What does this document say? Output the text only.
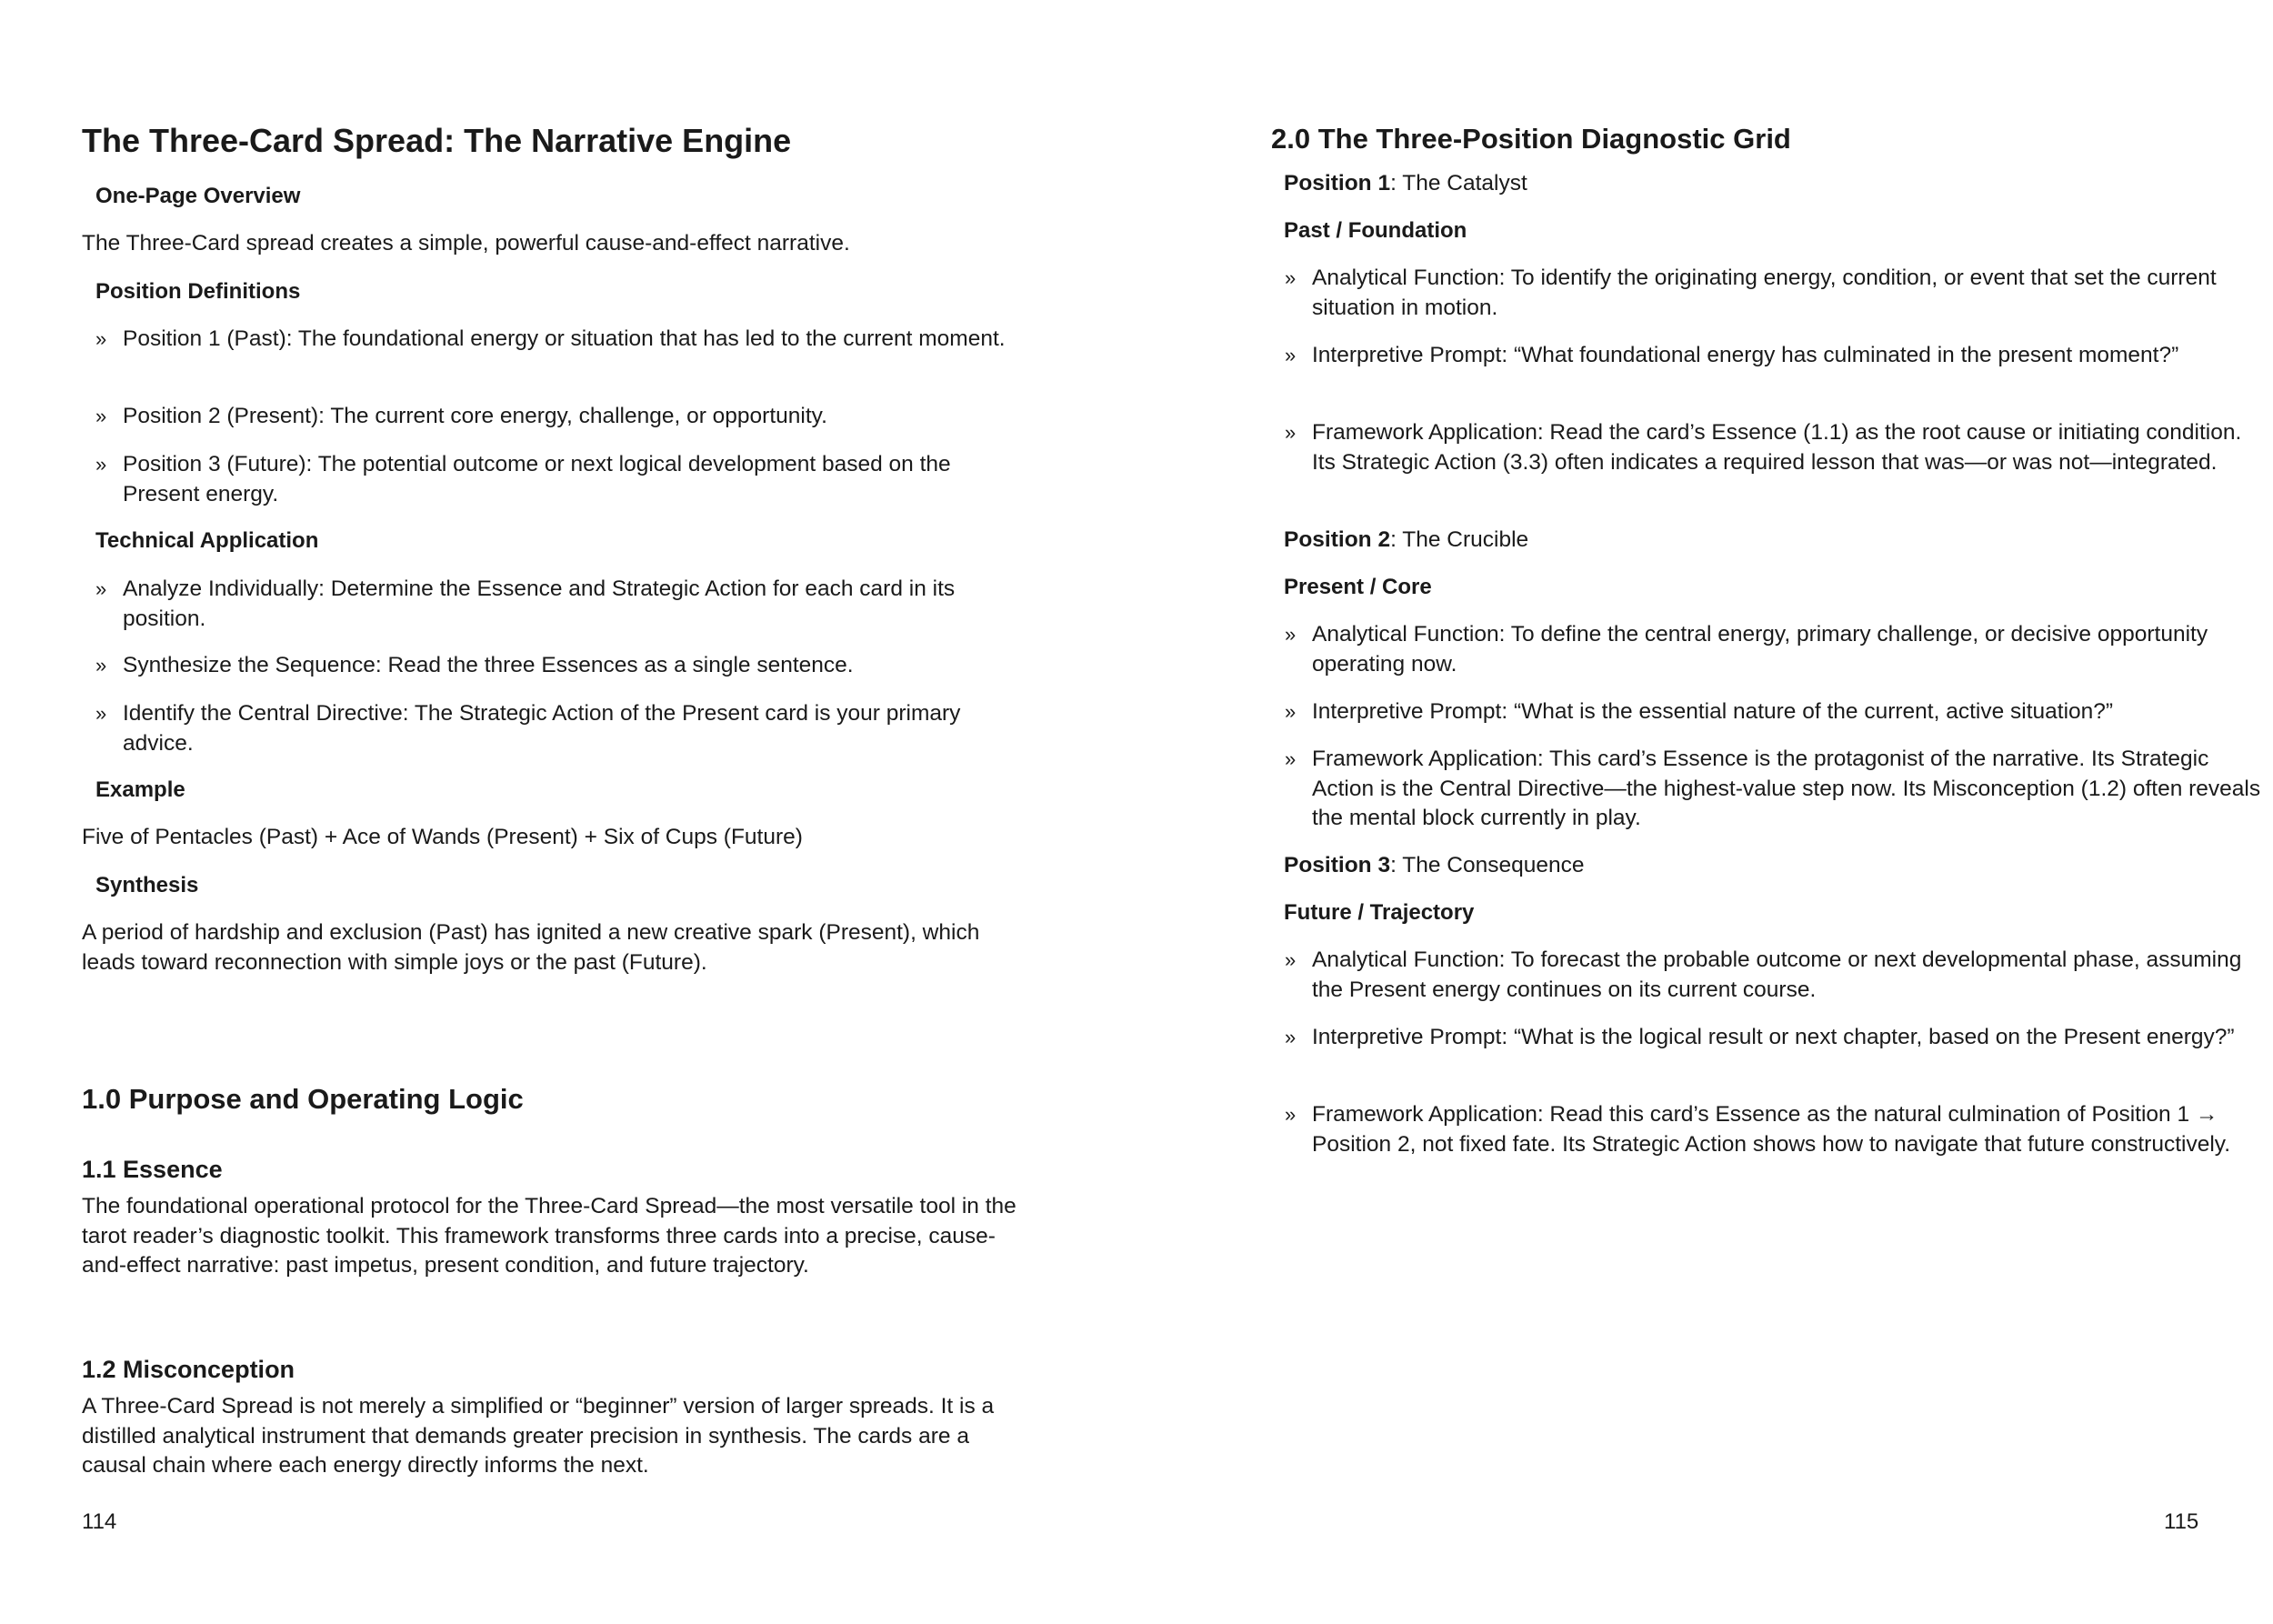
The Three-Card Spread: The Narrative Engine
One-Page Overview
The Three-Card spread creates a simple, powerful cause-and-effect narrative.
Position Definitions
» Position 1 (Past): The foundational energy or situation that has led to the current moment.
» Position 2 (Present): The current core energy, challenge, or opportunity.
» Position 3 (Future): The potential outcome or next logical development based on the Present energy.
Technical Application
» Analyze Individually: Determine the Essence and Strategic Action for each card in its position.
» Synthesize the Sequence: Read the three Essences as a single sentence.
» Identify the Central Directive: The Strategic Action of the Present card is your primary advice.
Example
Five of Pentacles (Past) + Ace of Wands (Present) + Six of Cups (Future)
Synthesis
A period of hardship and exclusion (Past) has ignited a new creative spark (Present), which leads toward reconnection with simple joys or the past (Future).
1.0 Purpose and Operating Logic
1.1 Essence
The foundational operational protocol for the Three-Card Spread—the most versatile tool in the tarot reader’s diagnostic toolkit. This framework transforms three cards into a precise, cause-and-effect narrative: past impetus, present condition, and future trajectory.
1.2 Misconception
A Three-Card Spread is not merely a simplified or “beginner” version of larger spreads. It is a distilled analytical instrument that demands greater precision in synthesis. The cards are a causal chain where each energy directly informs the next.
114
2.0 The Three-Position Diagnostic Grid
Position 1: The Catalyst
Past / Foundation
» Analytical Function: To identify the originating energy, condition, or event that set the current situation in motion.
» Interpretive Prompt: “What foundational energy has culminated in the present moment?”
» Framework Application: Read the card’s Essence (1.1) as the root cause or initiating condition. Its Strategic Action (3.3) often indicates a required lesson that was—or was not—integrated.
Position 2: The Crucible
Present / Core
» Analytical Function: To define the central energy, primary challenge, or decisive opportunity operating now.
» Interpretive Prompt: “What is the essential nature of the current, active situation?”
» Framework Application: This card’s Essence is the protagonist of the narrative. Its Strategic Action is the Central Directive—the highest-value step now. Its Misconception (1.2) often reveals the mental block currently in play.
Position 3: The Consequence
Future / Trajectory
» Analytical Function: To forecast the probable outcome or next developmental phase, assuming the Present energy continues on its current course.
» Interpretive Prompt: “What is the logical result or next chapter, based on the Present energy?”
» Framework Application: Read this card’s Essence as the natural culmination of Position 1 → Position 2, not fixed fate. Its Strategic Action shows how to navigate that future constructively.
115
